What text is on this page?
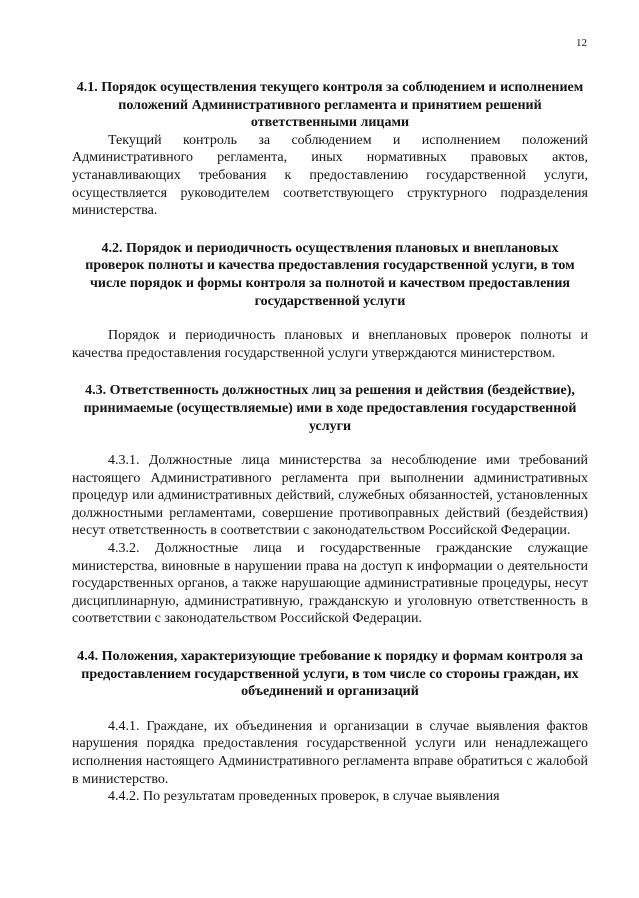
12

4.1. Порядок осуществления текущего контроля за соблюдением и исполнением положений Административного регламента и принятием решений ответственными лицами

Текущий контроль за соблюдением и исполнением положений Административного регламента, иных нормативных правовых актов, устанавливающих требования к предоставлению государственной услуги, осуществляется руководителем соответствующего структурного подразделения министерства.

4.2. Порядок и периодичность осуществления плановых и внеплановых проверок полноты и качества предоставления государственной услуги, в том числе порядок и формы контроля за полнотой и качеством предоставления государственной услуги

Порядок и периодичность плановых и внеплановых проверок полноты и качества предоставления государственной услуги утверждаются министерством.

4.3. Ответственность должностных лиц за решения и действия (бездействие), принимаемые (осуществляемые) ими в ходе предоставления государственной услуги

4.3.1. Должностные лица министерства за несоблюдение ими требований настоящего Административного регламента при выполнении административных процедур или административных действий, служебных обязанностей, установленных должностными регламентами, совершение противоправных действий (бездействия) несут ответственность в соответствии с законодательством Российской Федерации.

4.3.2. Должностные лица и государственные гражданские служащие министерства, виновные в нарушении права на доступ к информации о деятельности государственных органов, а также нарушающие административные процедуры, несут дисциплинарную, административную, гражданскую и уголовную ответственность в соответствии с законодательством Российской Федерации.

4.4. Положения, характеризующие требование к порядку и формам контроля за предоставлением государственной услуги, в том числе со стороны граждан, их объединений и организаций

4.4.1. Граждане, их объединения и организации в случае выявления фактов нарушения порядка предоставления государственной услуги или ненадлежащего исполнения настоящего Административного регламента вправе обратиться с жалобой в министерство.

4.4.2. По результатам проведенных проверок, в случае выявления
